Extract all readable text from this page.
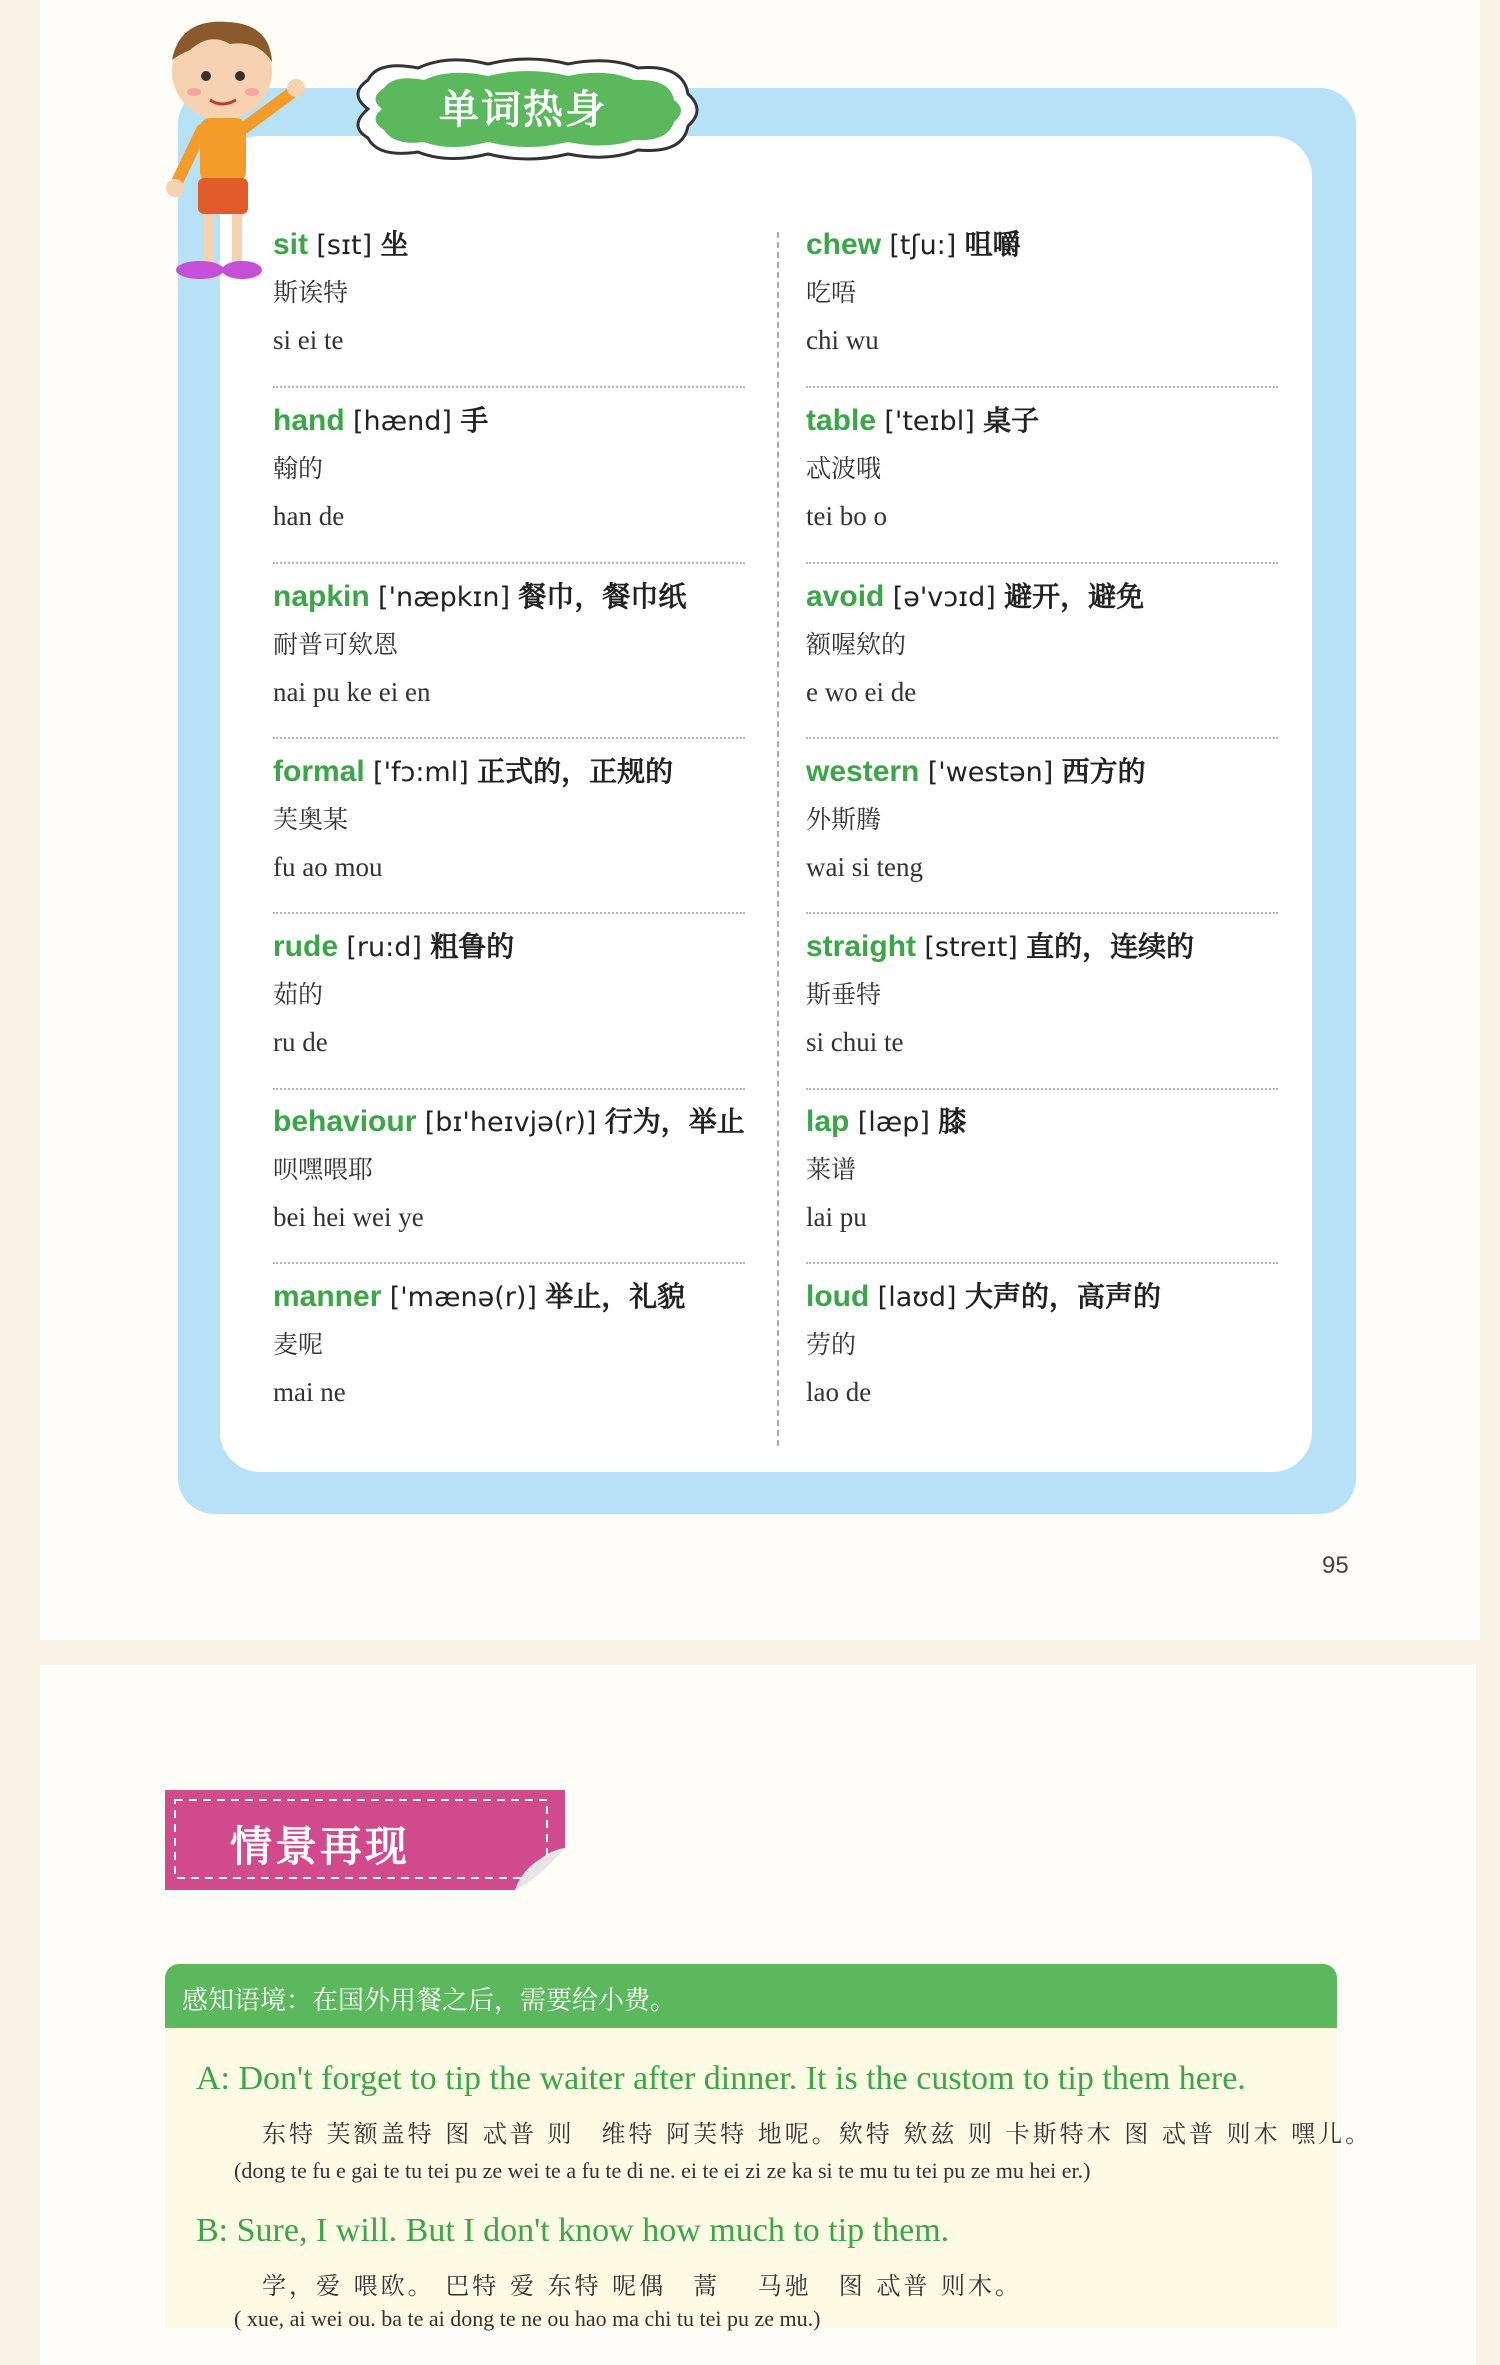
单词热身
sit [sɪt] 坐
斯诶特
si ei te
hand [hænd] 手
翰的
han de
napkin ['næpkɪn] 餐巾，餐巾纸
耐普可欸恩
nai pu ke ei en
formal ['fɔ:ml] 正式的，正规的
芙奥某
fu ao mou
rude [ru:d] 粗鲁的
茹的
ru de
behaviour [bɪ'heɪvjə(r)] 行为，举止
呗嘿喂耶
bei hei wei ye
manner ['mænə(r)] 举止，礼貌
麦呢
mai ne
chew [tʃu:] 咀嚼
吃唔
chi wu
table ['teɪbl] 桌子
忒波哦
tei bo o
avoid [ə'vɔɪd] 避开，避免
额喔欸的
e wo ei de
western ['westən] 西方的
外斯腾
wai si teng
straight [streɪt] 直的，连续的
斯垂特
si chui te
lap [læp] 膝
莱谱
lai pu
loud [laʊd] 大声的，高声的
劳的
lao de
95
情景再现
感知语境：在国外用餐之后，需要给小费。
A: Don't forget to tip the waiter after dinner. It is the custom to tip them here.
东特 芙额盖特 图 忒普 则　维特 阿芙特 地呢。欸特 欸兹 则 卡斯特木 图 忒普 则木 嘿儿。
(dong te fu e gai te tu tei pu ze wei te a fu te di ne. ei te ei zi ze ka si te mu tu tei pu ze mu hei er.)
B: Sure, I will. But I don't know how much to tip them.
学，爱 喂欧。 巴特 爱 东特 呢偶　蒿　 马驰　图 忒普 则木。
( xue, ai wei ou. ba te ai dong te ne ou hao ma chi tu tei pu ze mu.)
